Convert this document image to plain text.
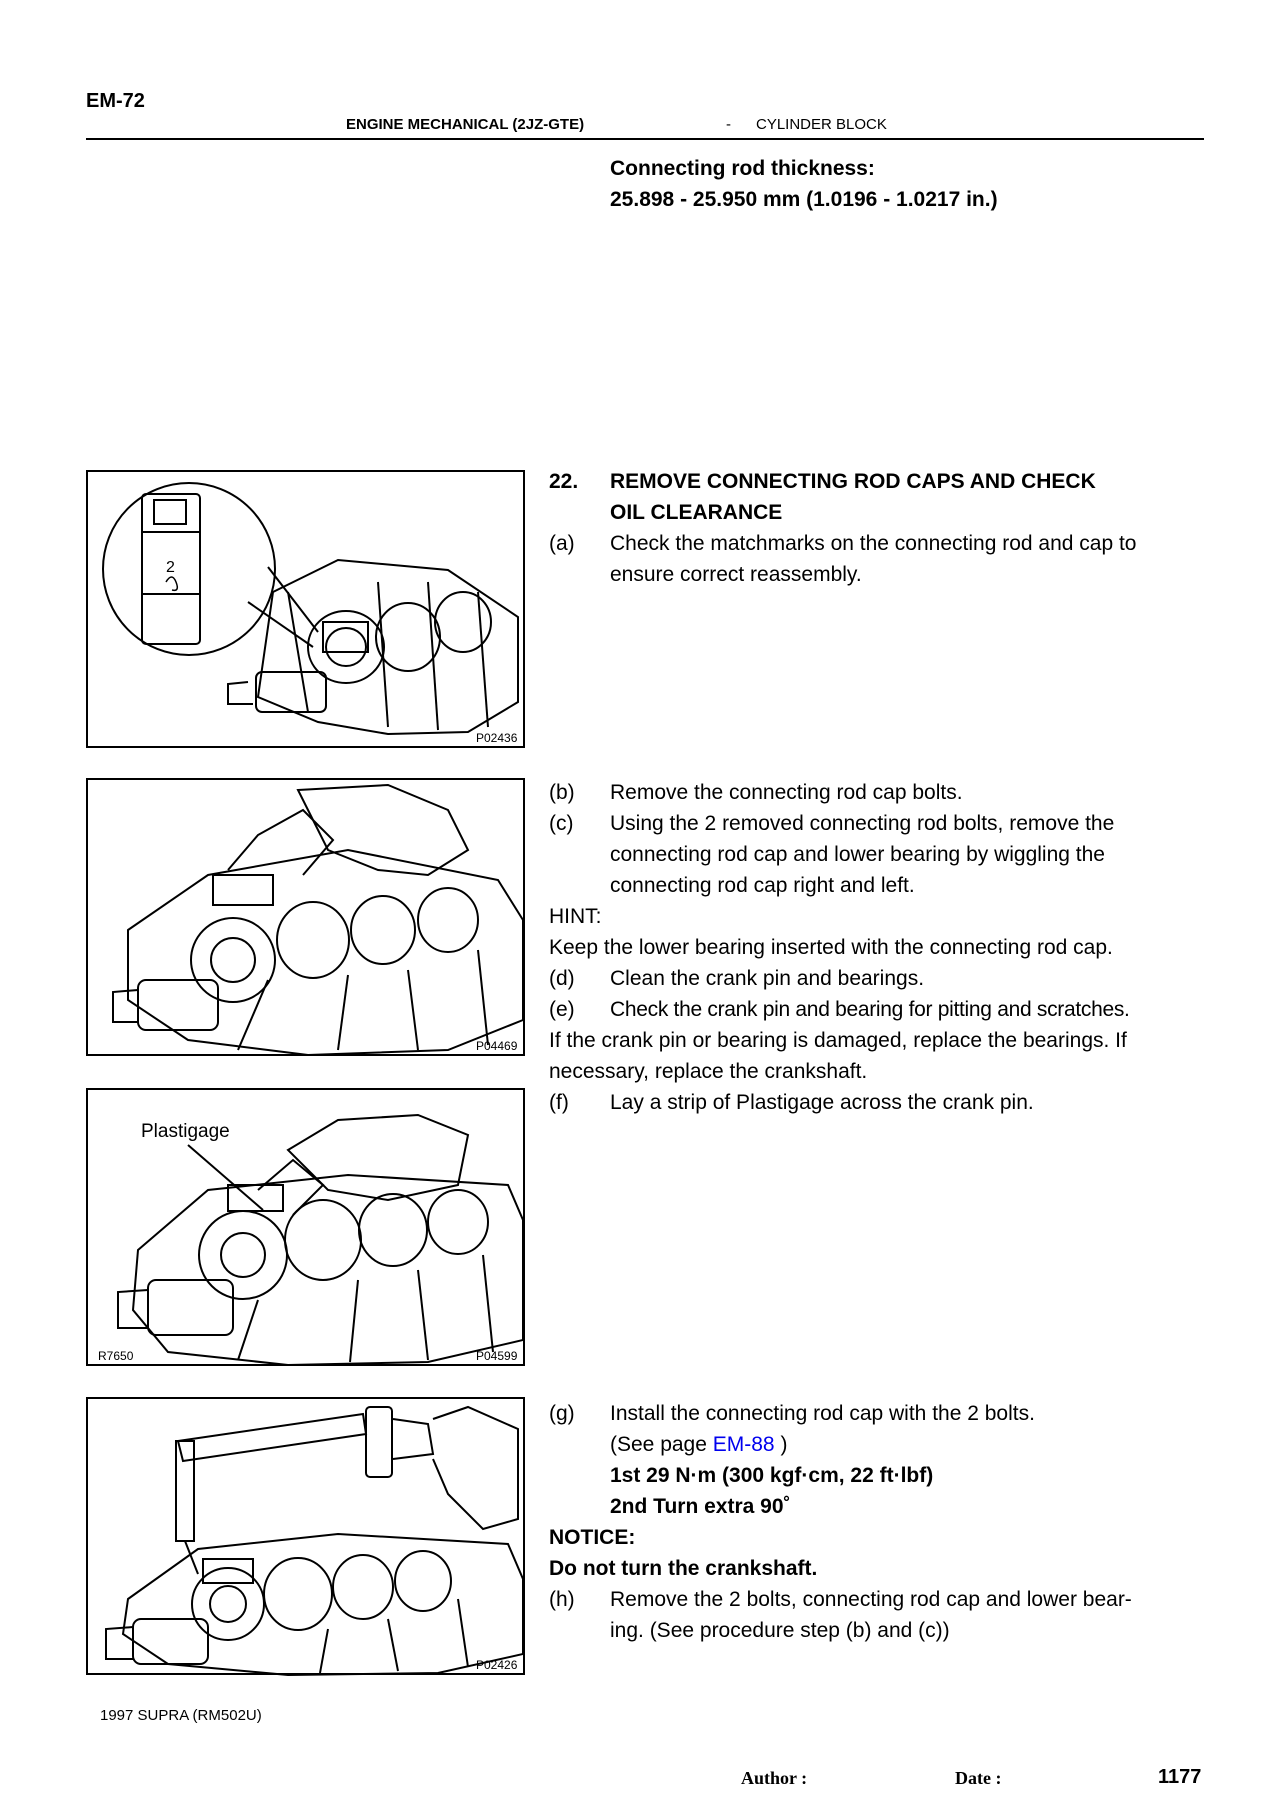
EM-72
ENGINE MECHANICAL (2JZ-GTE)	- CYLINDER BLOCK
Connecting rod thickness:
25.898 - 25.950 mm (1.0196 - 1.0217 in.)
22. REMOVE CONNECTING ROD CAPS AND CHECK
OIL CLEARANCE
(a) Check the matchmarks on the connecting rod and cap to
ensure correct reassembly.
(b) Remove the connecting rod cap bolts.
(c) Using the 2 removed connecting rod bolts, remove the
connecting rod cap and lower bearing by wiggling the
connecting rod cap right and left.
HINT:
Keep the lower bearing inserted with the connecting rod cap.
(d) Clean the crank pin and bearings.
(e) Check the crank pin and bearing for pitting and scratches.
If the crank pin or bearing is damaged, replace the bearings. If
necessary, replace the crankshaft.
(f) Lay a strip of Plastigage across the crank pin.
(g) Install the connecting rod cap with the 2 bolts.
(See page EM-88 )
1st 29 N·m (300 kgf·cm, 22 ft·lbf)
2nd Turn extra 90˚
NOTICE:
Do not turn the crankshaft.
(h) Remove the 2 bolts, connecting rod cap and lower bear-
ing. (See procedure step (b) and (c))
2
P02436
P04469
Plastigage
R7650	P04599
P02426
1997 SUPRA (RM502U)
Author :	Date :	1177
